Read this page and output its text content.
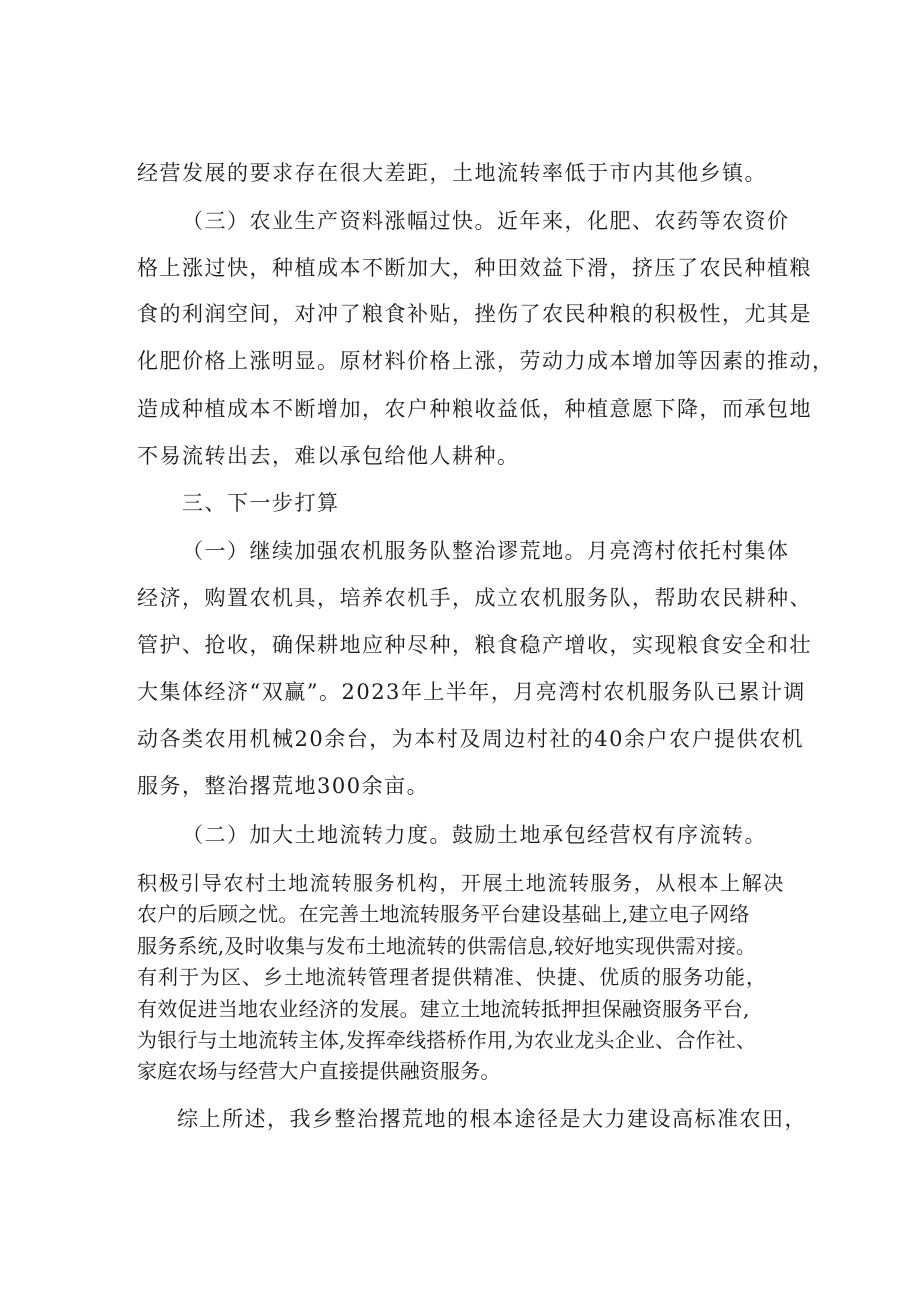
经营发展的要求存在很大差距，土地流转率低于市内其他乡镇。
（三）农业生产资料涨幅过快。近年来，化肥、农药等农资价
格上涨过快，种植成本不断加大，种田效益下滑，挤压了农民种植粮
食的利润空间，对冲了粮食补贴，挫伤了农民种粮的积极性，尤其是
化肥价格上涨明显。原材料价格上涨，劳动力成本增加等因素的推动，
造成种植成本不断增加，农户种粮收益低，种植意愿下降，而承包地
不易流转出去，难以承包给他人耕种。
三、下一步打算
（一）继续加强农机服务队整治谬荒地。月亮湾村依托村集体
经济，购置农机具，培养农机手，成立农机服务队，帮助农民耕种、
管护、抢收，确保耕地应种尽种，粮食稳产增收，实现粮食安全和壮
大集体经济“双赢”。2023年上半年，月亮湾村农机服务队已累计调
动各类农用机械20余台，为本村及周边村社的40余户农户提供农机
服务，整治撂荒地300余亩。
（二）加大土地流转力度。鼓励土地承包经营权有序流转。
积极引导农村土地流转服务机构，开展土地流转服务，从根本上解决
农户的后顾之忧。在完善土地流转服务平台建设基础上,建立电子网络
服务系统,及时收集与发布土地流转的供需信息,较好地实现供需对接。
有利于为区、乡土地流转管理者提供精准、快捷、优质的服务功能，
有效促进当地农业经济的发展。建立土地流转抵押担保融资服务平台,
为银行与土地流转主体,发挥牵线搭桥作用,为农业龙头企业、合作社、
家庭农场与经营大户直接提供融资服务。
综上所述，我乡整治撂荒地的根本途径是大力建设高标准农田，
